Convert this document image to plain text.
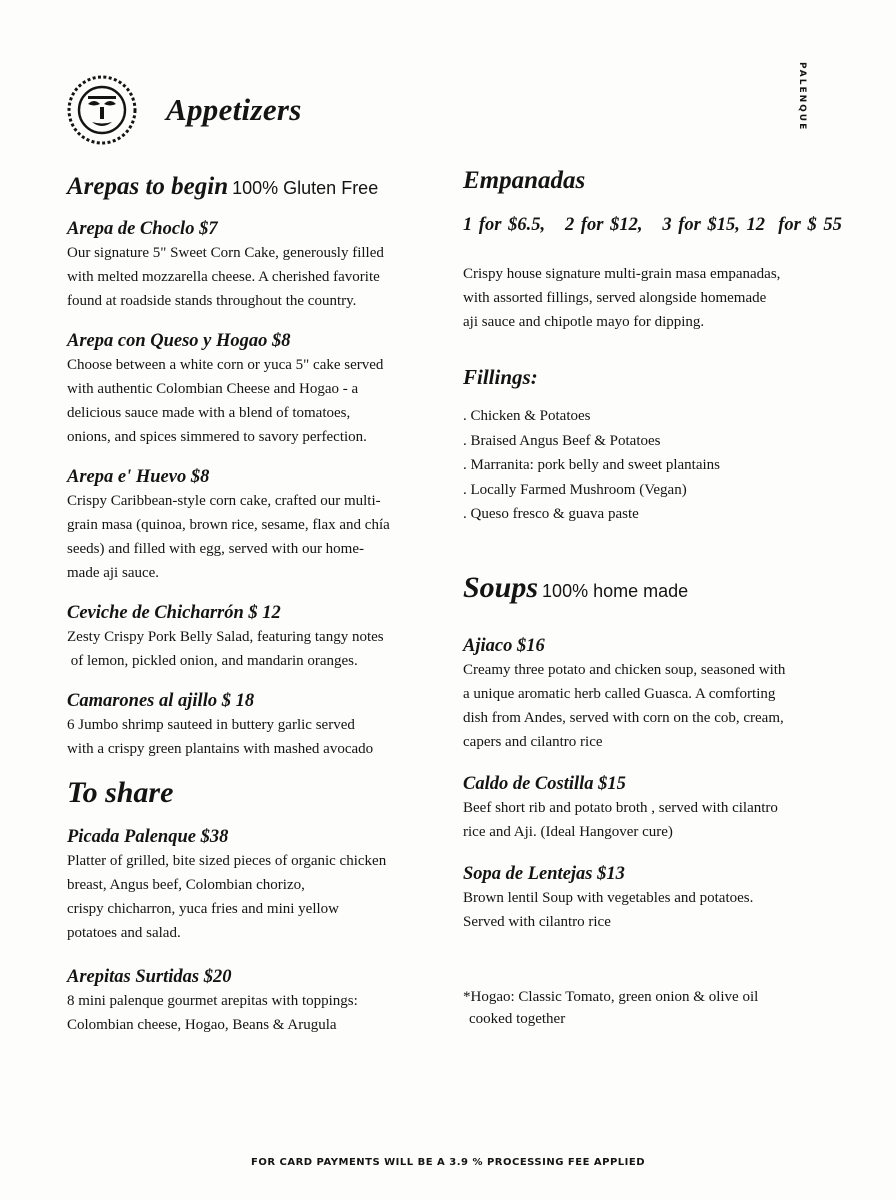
Appetizers	PALENQUE
Arepas to begin 100% Gluten Free
Arepa de Choclo $7
Our signature 5" Sweet Corn Cake, generously filled
with melted mozzarella cheese. A cherished favorite
found at roadside stands throughout the country.
Arepa con Queso y Hogao $8
Choose between a white corn or yuca 5" cake served
with authentic Colombian Cheese and Hogao - a
delicious sauce made with a blend of tomatoes,
onions, and spices simmered to savory perfection.
Arepa e' Huevo $8
Crispy Caribbean-style corn cake, crafted our multi-
grain masa (quinoa, brown rice, sesame, flax and chía
seeds) and filled with egg, served with our home-
made aji sauce.
Ceviche de Chicharrón $ 12
Zesty Crispy Pork Belly Salad, featuring tangy notes
of lemon, pickled onion, and mandarin oranges.
Camarones al ajillo $ 18
6 Jumbo shrimp sauteed in buttery garlic served
with a crispy green plantains with mashed avocado
To share
Picada Palenque $38
Platter of grilled, bite sized pieces of organic chicken
breast, Angus beef, Colombian chorizo,
crispy chicharron, yuca fries and mini yellow
potatoes and salad.
Arepitas Surtidas $20
8 mini palenque gourmet arepitas with toppings:
Colombian cheese, Hogao, Beans & Arugula
Empanadas
1 for $6.5,   2 for $12,   3 for $15, 12  for $ 55
Crispy house signature multi-grain masa empanadas,
with assorted fillings, served alongside homemade
aji sauce and chipotle mayo for dipping.
Fillings:
. Chicken & Potatoes
. Braised Angus Beef & Potatoes
. Marranita: pork belly and sweet plantains
. Locally Farmed Mushroom (Vegan)
. Queso fresco & guava paste
Soups 100% home made
Ajiaco $16
Creamy three potato and chicken soup, seasoned with
a unique aromatic herb called Guasca. A comforting
dish from Andes, served with corn on the cob, cream,
capers and cilantro rice
Caldo de Costilla $15
Beef short rib and potato broth , served with cilantro
rice and Aji. (Ideal Hangover cure)
Sopa de Lentejas $13
Brown lentil Soup with vegetables and potatoes.
Served with cilantro rice
*Hogao: Classic Tomato, green onion & olive oil
cooked together
FOR CARD PAYMENTS WILL BE A 3.9 % PROCESSING FEE APPLIED
